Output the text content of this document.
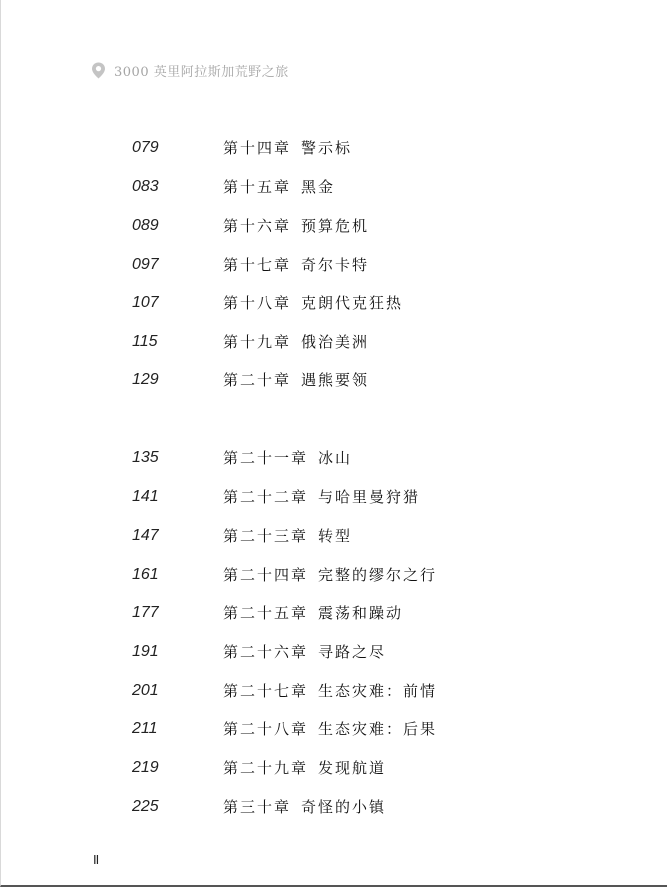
3000 英里阿拉斯加荒野之旅
079	第十四章 警示标
083	第十五章 黑金
089	第十六章 预算危机
097	第十七章 奇尔卡特
107	第十八章 克朗代克狂热
115	第十九章 俄治美洲
129	第二十章 遇熊要领
135	第二十一章 冰山
141	第二十二章 与哈里曼狩猎
147	第二十三章 转型
161	第二十四章 完整的缪尔之行
177	第二十五章 震荡和躁动
191	第二十六章 寻路之尽
201	第二十七章 生态灾难：前情
211	第二十八章 生态灾难：后果
219	第二十九章 发现航道
225	第三十章 奇怪的小镇
II
